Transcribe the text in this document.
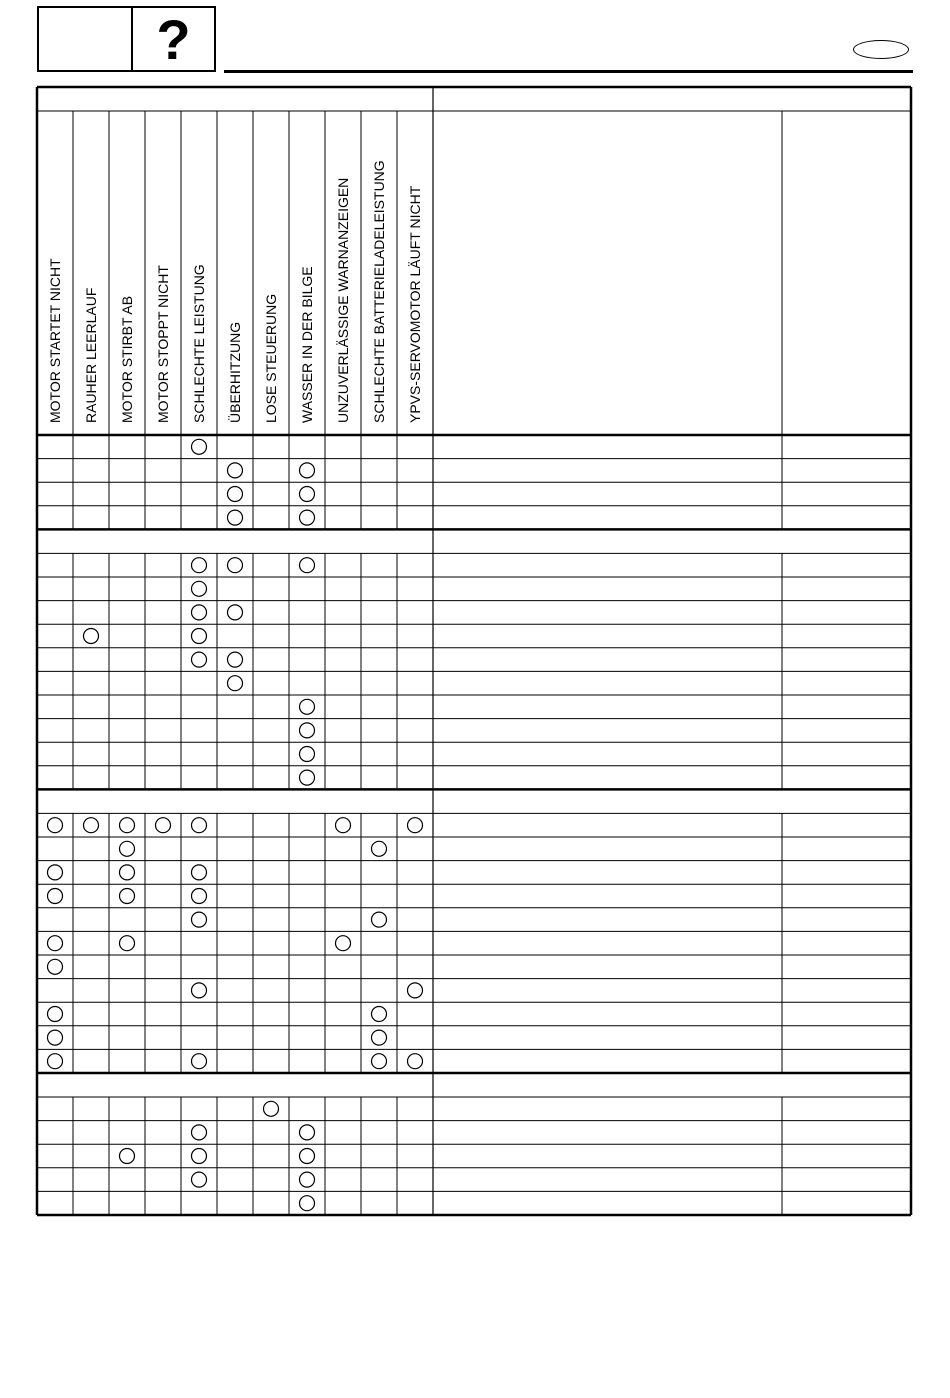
?
MOTOR STARTET NICHT RAUHER LEERLAUF MOTOR STIRBT AB MOTOR STOPPT NICHT SCHLECHTE LEISTUNG ÜBERHITZUNG LOSE STEUERUNG WASSER IN DER BILGE UNZUVERLÄSSIGE WARNANZEIGEN SCHLECHTE BATTERIELADELEISTUNG YPVS-SERVOMOTOR LÄUFT NICHT
